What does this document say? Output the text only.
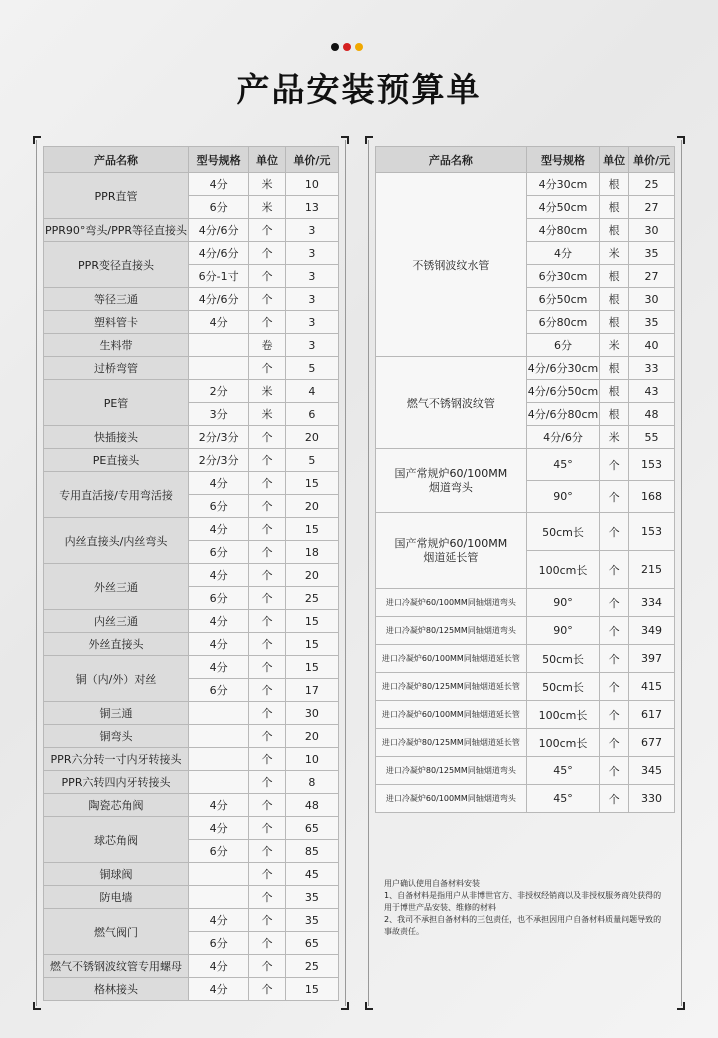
产品安装预算单
产品名称	型号规格	单位	单价/元
PPR直管	4分	米	10
	6分	米	13
PPR90°弯头/PPR等径直接头	4分/6分	个	3
PPR变径直接头	4分/6分	个	3
	6分-1寸	个	3
等径三通	4分/6分	个	3
塑料管卡	4分	个	3
生料带		卷	3
过桥弯管		个	5
PE管	2分	米	4
	3分	米	6
快插接头	2分/3分	个	20
PE直接头	2分/3分	个	5
专用直活接/专用弯活接	4分	个	15
	6分	个	20
内丝直接头/内丝弯头	4分	个	15
	6分	个	18
外丝三通	4分	个	20
	6分	个	25
内丝三通	4分	个	15
外丝直接头	4分	个	15
铜（内/外）对丝	4分	个	15
	6分	个	17
铜三通		个	30
铜弯头		个	20
PPR六分转一寸内牙转接头		个	10
PPR六转四内牙转接头		个	8
陶瓷芯角阀	4分	个	48
球芯角阀	4分	个	65
	6分	个	85
铜球阀		个	45
防电墙		个	35
燃气阀门	4分	个	35
	6分	个	65
燃气不锈钢波纹管专用螺母	4分	个	25
格林接头	4分	个	15
产品名称	型号规格	单位	单价/元
不锈钢波纹水管	4分30cm	根	25
	4分50cm	根	27
	4分80cm	根	30
	4分	米	35
	6分30cm	根	27
	6分50cm	根	30
	6分80cm	根	35
	6分	米	40
燃气不锈钢波纹管	4分/6分30cm	根	33
	4分/6分50cm	根	43
	4分/6分80cm	根	48
	4分/6分	米	55
国产常规炉60/100MM
烟道弯头	45°	个	153
	90°	个	168
国产常规炉60/100MM
烟道延长管	50cm长	个	153
	100cm长	个	215
进口冷凝炉60/100MM同轴烟道弯头	90°	个	334
进口冷凝炉80/125MM同轴烟道弯头	90°	个	349
进口冷凝炉60/100MM同轴烟道延长管	50cm长	个	397
进口冷凝炉80/125MM同轴烟道延长管	50cm长	个	415
进口冷凝炉60/100MM同轴烟道延长管	100cm长	个	617
进口冷凝炉80/125MM同轴烟道延长管	100cm长	个	677
进口冷凝炉80/125MM同轴烟道弯头	45°	个	345
进口冷凝炉60/100MM同轴烟道弯头	45°	个	330
用户确认使用自备材料安装
1、自备材料是指用户从非博世官方、非授权经销商以及非授权服务商处获得的用于博世产品安装、维修的材料
2、我司不承担自备材料的三包责任，也不承担因用户自备材料质量问题导致的事故责任。
